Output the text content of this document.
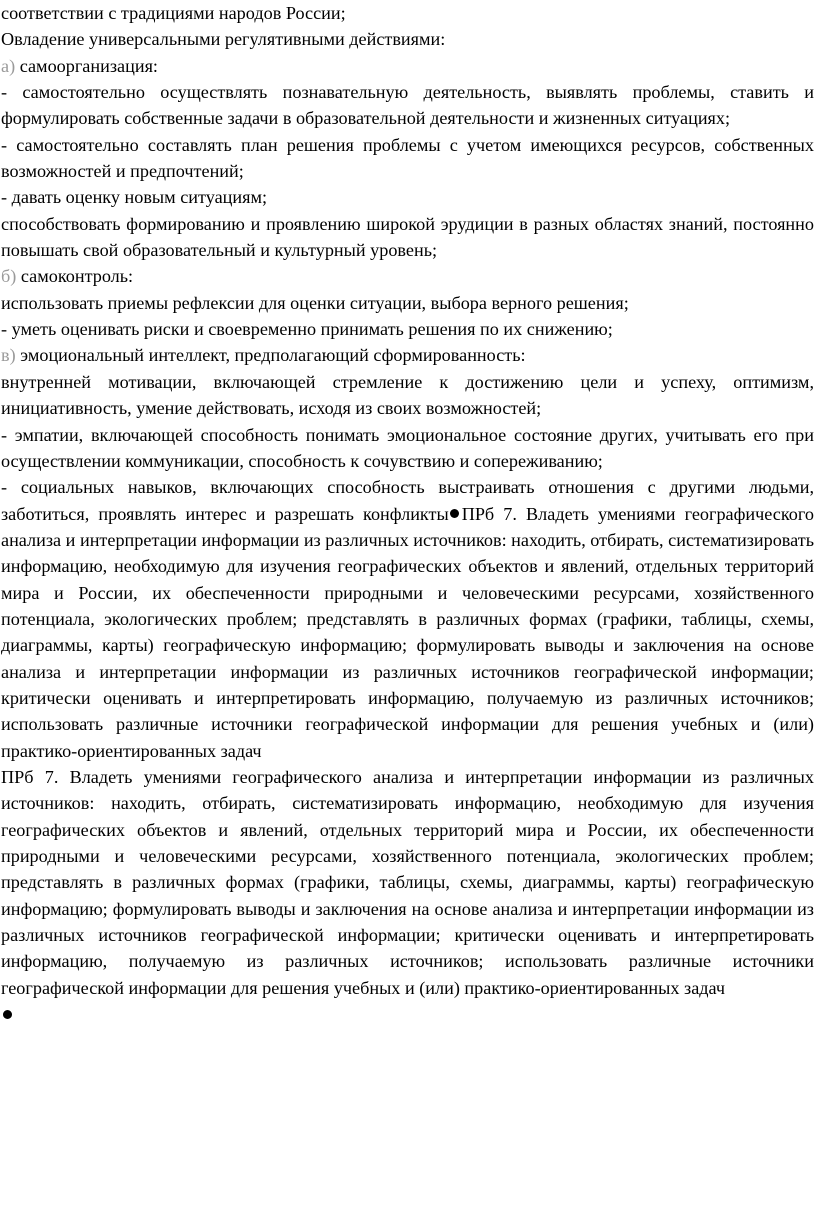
соответствии с традициями народов России;

Овладение универсальными регулятивными действиями:

а) самоорганизация:

- самостоятельно осуществлять познавательную деятельность, выявлять проблемы, ставить и формулировать собственные задачи в образовательной деятельности и жизненных ситуациях;

- самостоятельно составлять план решения проблемы с учетом имеющихся ресурсов, собственных возможностей и предпочтений;

- давать оценку новым ситуациям;

способствовать формированию и проявлению широкой эрудиции в разных областях знаний, постоянно повышать свой образовательный и культурный уровень;

б) самоконтроль:

использовать приемы рефлексии для оценки ситуации, выбора верного решения;

- уметь оценивать риски и своевременно принимать решения по их снижению;

в) эмоциональный интеллект, предполагающий сформированность:

внутренней мотивации, включающей стремление к достижению цели и успеху, оптимизм, инициативность, умение действовать, исходя из своих возможностей;

- эмпатии, включающей способность понимать эмоциональное состояние других, учитывать его при осуществлении коммуникации, способность к сочувствию и сопереживанию;

- социальных навыков, включающих способность выстраивать отношения с другими людьми, заботиться, проявлять интерес и разрешать конфликты ПРб 7. Владеть умениями географического анализа и интерпретации информации из различных источников: находить, отбирать, систематизировать информацию, необходимую для изучения географических объектов и явлений, отдельных территорий мира и России, их обеспеченности природными и человеческими ресурсами, хозяйственного потенциала, экологических проблем; представлять в различных формах (графики, таблицы, схемы, диаграммы, карты) географическую информацию; формулировать выводы и заключения на основе анализа и интерпретации информации из различных источников географической информации; критически оценивать и интерпретировать информацию, получаемую из различных источников; использовать различные источники географической информации для решения учебных и (или) практико-ориентированных задач

ПРб 7. Владеть умениями географического анализа и интерпретации информации из различных источников: находить, отбирать, систематизировать информацию, необходимую для изучения географических объектов и явлений, отдельных территорий мира и России, их обеспеченности природными и человеческими ресурсами, хозяйственного потенциала, экологических проблем; представлять в различных формах (графики, таблицы, схемы, диаграммы, карты) географическую информацию; формулировать выводы и заключения на основе анализа и интерпретации информации из различных источников географической информации; критически оценивать и интерпретировать информацию, получаемую из различных источников; использовать различные источники географической информации для решения учебных и (или) практико-ориентированных задач
